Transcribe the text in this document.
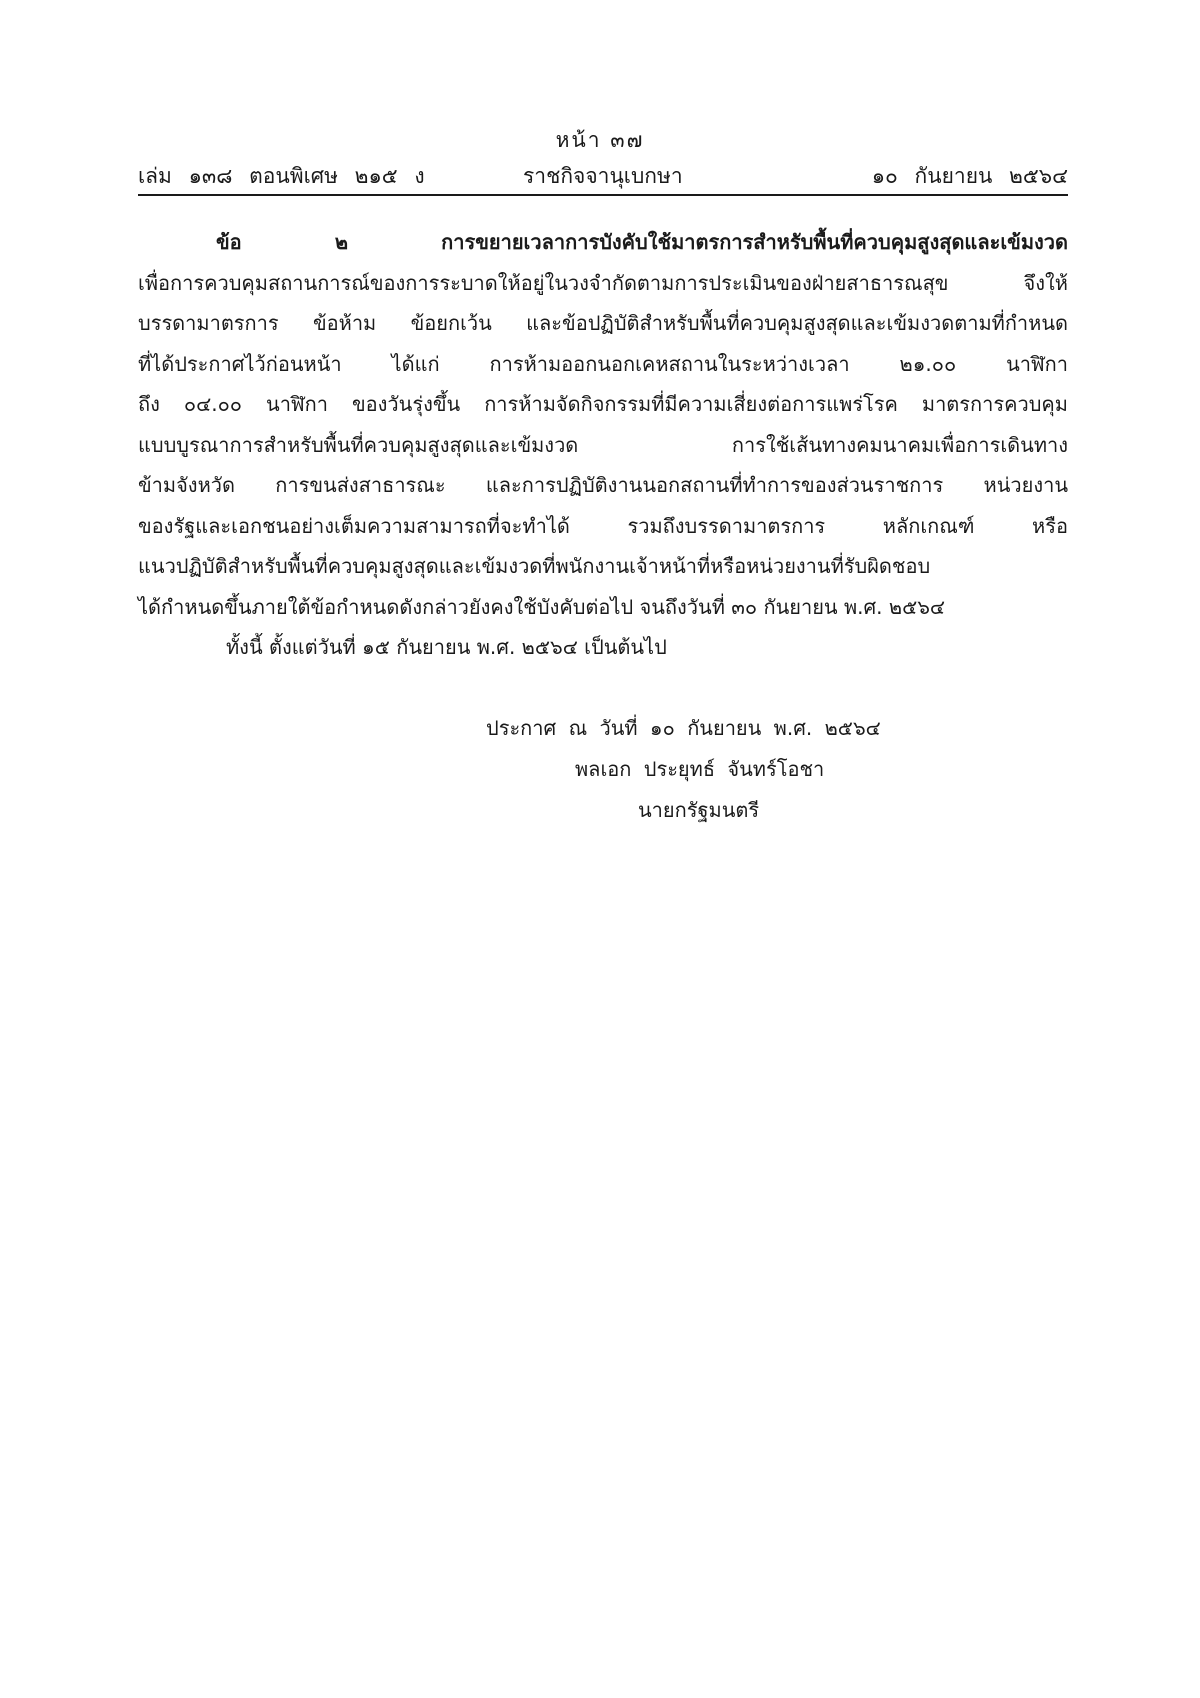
หน้า ๓๗
เล่ม ๑๓๘ ตอนพิเศษ ๒๑๕ ง	ราชกิจจานุเบกษา	๑๐ กันยายน ๒๕๖๔

ข้อ ๒ การขยายเวลาการบังคับใช้มาตรการสำหรับพื้นที่ควบคุมสูงสุดและเข้มงวด

เพื่อการควบคุมสถานการณ์ของการระบาดให้อยู่ในวงจำกัดตามการประเมินของฝ่ายสาธารณสุข จึงให้

บรรดามาตรการ ข้อห้าม ข้อยกเว้น และข้อปฏิบัติสำหรับพื้นที่ควบคุมสูงสุดและเข้มงวดตามที่กำหนด

ที่ได้ประกาศไว้ก่อนหน้า ได้แก่ การห้ามออกนอกเคหสถานในระหว่างเวลา ๒๑.๐๐ นาฬิกา

ถึง ๐๔.๐๐ นาฬิกา ของวันรุ่งขึ้น การห้ามจัดกิจกรรมที่มีความเสี่ยงต่อการแพร่โรค มาตรการควบคุม

แบบบูรณาการสำหรับพื้นที่ควบคุมสูงสุดและเข้มงวด การใช้เส้นทางคมนาคมเพื่อการเดินทาง

ข้ามจังหวัด การขนส่งสาธารณะ และการปฏิบัติงานนอกสถานที่ทำการของส่วนราชการ หน่วยงาน

ของรัฐและเอกชนอย่างเต็มความสามารถที่จะทำได้ รวมถึงบรรดามาตรการ หลักเกณฑ์ หรือ

แนวปฏิบัติสำหรับพื้นที่ควบคุมสูงสุดและเข้มงวดที่พนักงานเจ้าหน้าที่หรือหน่วยงานที่รับผิดชอบ

ได้กำหนดขึ้นภายใต้ข้อกำหนดดังกล่าวยังคงใช้บังคับต่อไป จนถึงวันที่ ๓๐ กันยายน พ.ศ. ๒๕๖๔

ทั้งนี้ ตั้งแต่วันที่ ๑๕ กันยายน พ.ศ. ๒๕๖๔ เป็นต้นไป

ประกาศ ณ วันที่ ๑๐ กันยายน พ.ศ. ๒๕๖๔
พลเอก ประยุทธ์ จันทร์โอชา
นายกรัฐมนตรี
